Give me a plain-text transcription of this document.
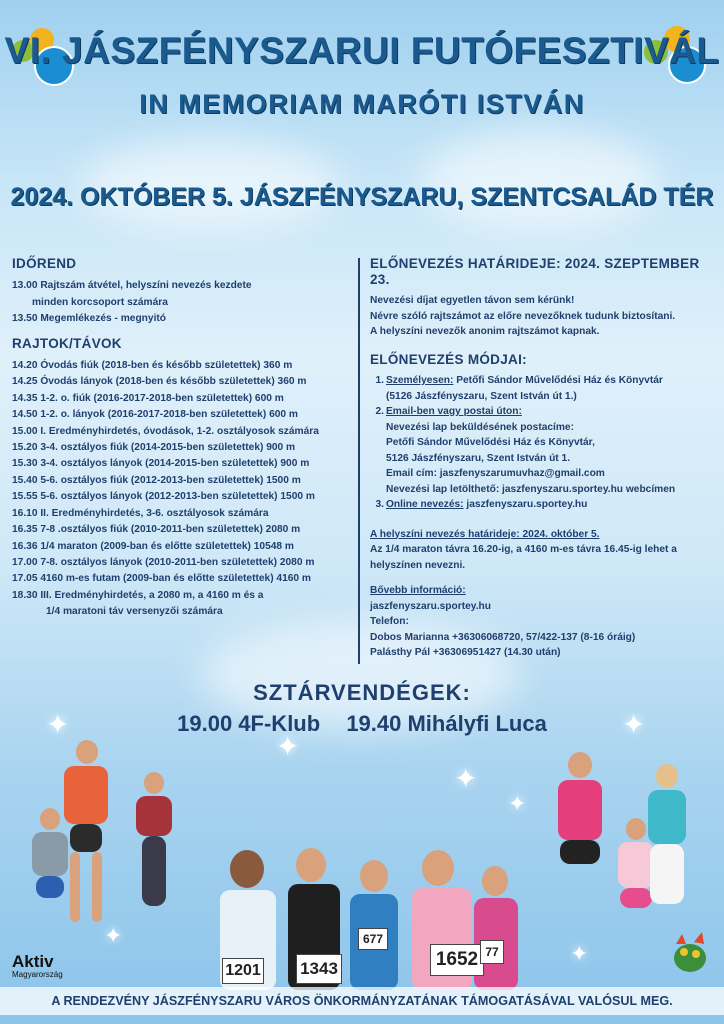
VI. JÁSZFÉNYSZARUI FUTÓFESZTIVÁL
IN MEMORIAM MARÓTI ISTVÁN
2024. OKTÓBER 5. JÁSZFÉNYSZARU, SZENTCSALÁD TÉR
IDŐREND
13.00 Rajtszám átvétel, helyszíni nevezés kezdete
minden korcsoport számára
13.50 Megemlékezés - megnyitó
RAJTOK/TÁVOK
14.20 Óvodás fiúk (2018-ben és később születettek) 360 m
14.25 Óvodás lányok (2018-ben és később születettek) 360 m
14.35 1-2. o. fiúk (2016-2017-2018-ben születettek) 600 m
14.50 1-2. o. lányok (2016-2017-2018-ben születettek) 600 m
15.00 I. Eredményhirdetés, óvodások, 1-2. osztályosok számára
15.20 3-4. osztályos fiúk (2014-2015-ben születettek) 900 m
15.30 3-4. osztályos lányok (2014-2015-ben születettek) 900 m
15.40 5-6. osztályos fiúk (2012-2013-ben születettek) 1500 m
15.55 5-6. osztályos lányok (2012-2013-ben születettek) 1500 m
16.10 II. Eredményhirdetés, 3-6. osztályosok számára
16.35 7-8 .osztályos fiúk (2010-2011-ben születettek) 2080 m
16.36 1/4 maraton (2009-ban és előtte születettek) 10548 m
17.00 7-8. osztályos lányok (2010-2011-ben születettek) 2080 m
17.05 4160 m-es futam (2009-ban és előtte születettek) 4160 m
18.30 III. Eredményhirdetés, a 2080 m, a 4160 m és a
1/4 maratoni táv versenyzői számára
ELŐNEVEZÉS HATÁRIDEJE: 2024. SZEPTEMBER 23.
Nevezési díjat egyetlen távon sem kérünk!
Névre szóló rajtszámot az előre nevezőknek tudunk biztosítani.
A helyszíni nevezők anonim rajtszámot kapnak.
ELŐNEVEZÉS MÓDJAI:
1. Személyesen: Petőfi Sándor Művelődési Ház és Könyvtár
(5126 Jászfényszaru, Szent István út 1.)
2. Email-ben vagy postai úton:
Nevezési lap beküldésének postacíme:
Petőfi Sándor Művelődési Ház és Könyvtár,
5126 Jászfényszaru, Szent István út 1.
Email cím: jaszfenyszarumuvhaz@gmail.com
Nevezési lap letölthető: jaszfenyszaru.sportey.hu webcímen
3. Online nevezés: jaszfenyszaru.sportey.hu
A helyszíni nevezés határideje: 2024. október 5.
Az 1/4 maraton távra 16.20-ig, a 4160 m-es távra 16.45-ig lehet a
helyszínen nevezni.
Bővebb információ:
jaszfenyszaru.sportey.hu
Telefon:
Dobos Marianna +36306068720, 57/422-137 (8-16 óráig)
Palásthy Pál +36306951427 (14.30 után)
SZTÁRVENDÉGEK:
19.00 4F-Klub 19.40 Mihályfi Luca
✦	✦
✦
✦
✦
✦
✦
1201 1343	1652
677
77
Aktiv
Magyarország
A RENDEZVÉNY JÁSZFÉNYSZARU VÁROS ÖNKORMÁNYZATÁNAK TÁMOGATÁSÁVAL VALÓSUL MEG.
